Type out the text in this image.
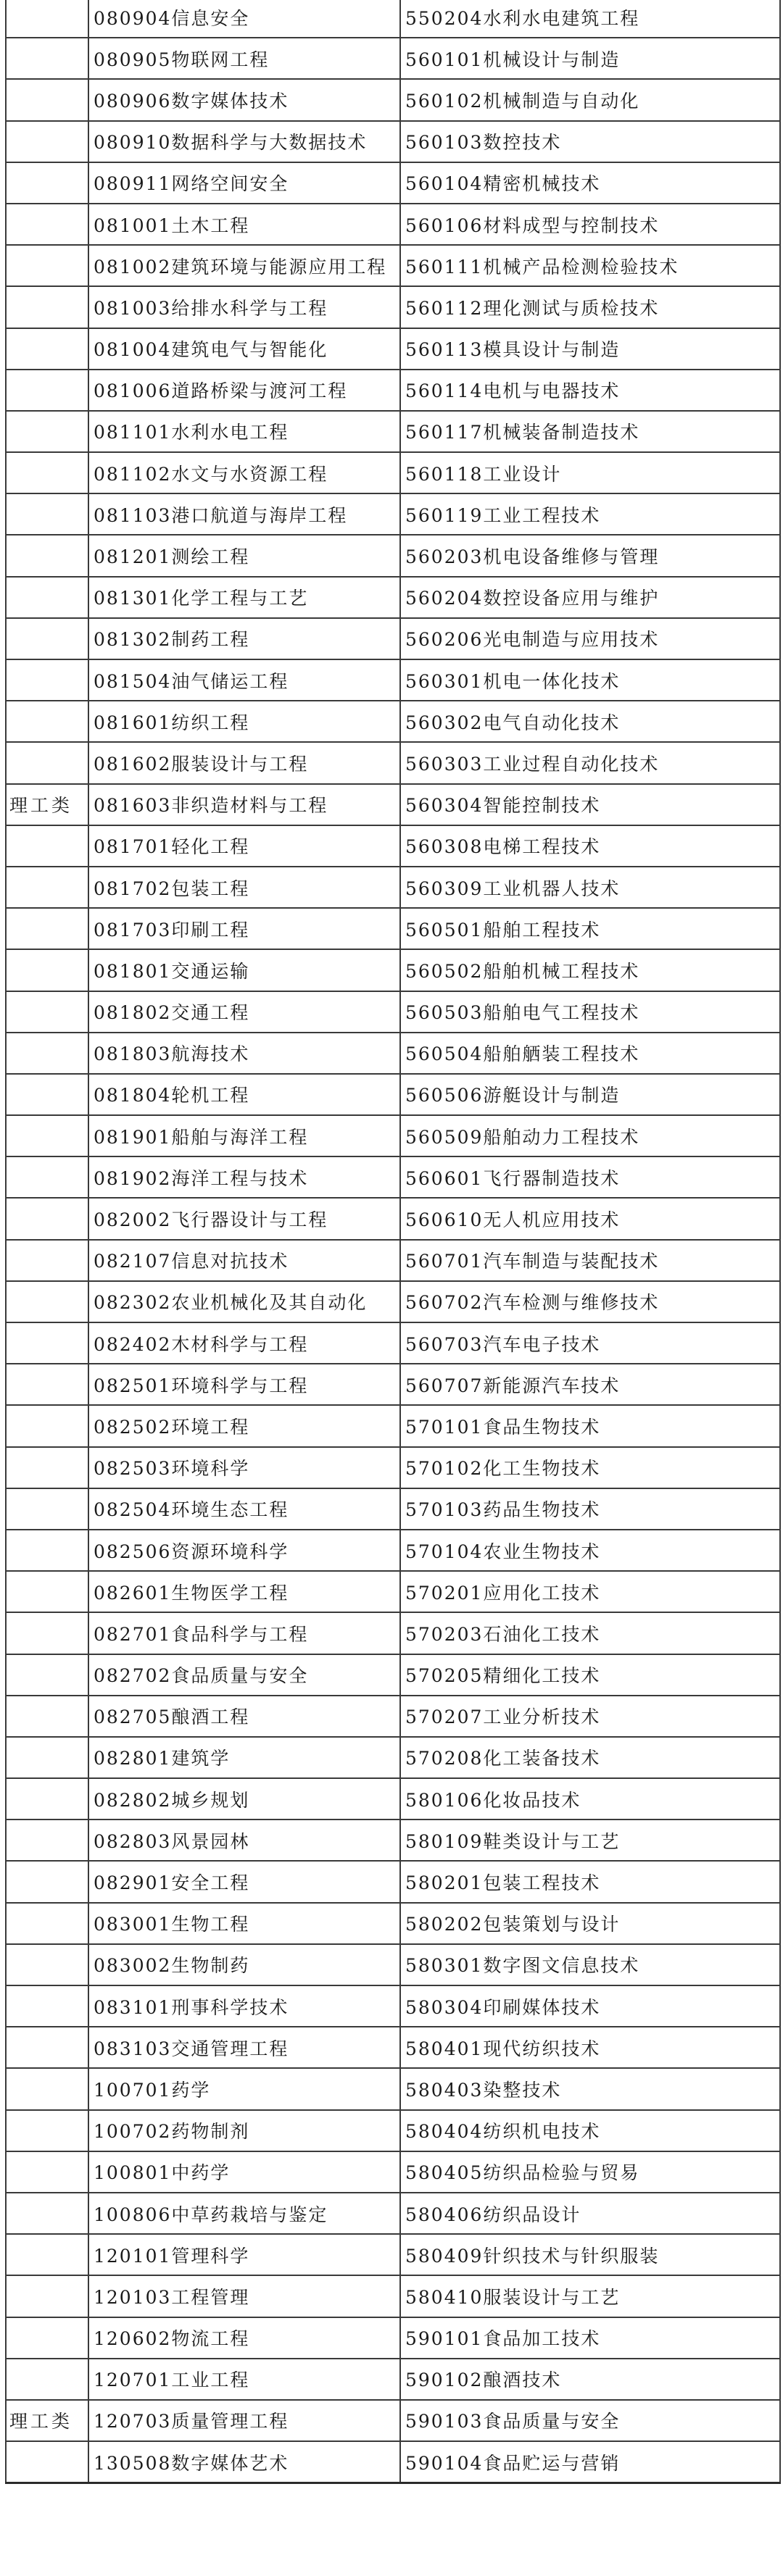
	080904信息安全	550204水利水电建筑工程
	080905物联网工程	560101机械设计与制造
	080906数字媒体技术	560102机械制造与自动化
	080910数据科学与大数据技术	560103数控技术
	080911网络空间安全	560104精密机械技术
	081001土木工程	560106材料成型与控制技术
	081002建筑环境与能源应用工程	560111机械产品检测检验技术
	081003给排水科学与工程	560112理化测试与质检技术
	081004建筑电气与智能化	560113模具设计与制造
	081006道路桥梁与渡河工程	560114电机与电器技术
	081101水利水电工程	560117机械装备制造技术
	081102水文与水资源工程	560118工业设计
	081103港口航道与海岸工程	560119工业工程技术
	081201测绘工程	560203机电设备维修与管理
	081301化学工程与工艺	560204数控设备应用与维护
	081302制药工程	560206光电制造与应用技术
	081504油气储运工程	560301机电一体化技术
	081601纺织工程	560302电气自动化技术
	081602服装设计与工程	560303工业过程自动化技术
理工类	081603非织造材料与工程	560304智能控制技术
	081701轻化工程	560308电梯工程技术
	081702包装工程	560309工业机器人技术
	081703印刷工程	560501船舶工程技术
	081801交通运输	560502船舶机械工程技术
	081802交通工程	560503船舶电气工程技术
	081803航海技术	560504船舶舾装工程技术
	081804轮机工程	560506游艇设计与制造
	081901船舶与海洋工程	560509船舶动力工程技术
	081902海洋工程与技术	560601飞行器制造技术
	082002飞行器设计与工程	560610无人机应用技术
	082107信息对抗技术	560701汽车制造与装配技术
	082302农业机械化及其自动化	560702汽车检测与维修技术
	082402木材科学与工程	560703汽车电子技术
	082501环境科学与工程	560707新能源汽车技术
	082502环境工程	570101食品生物技术
	082503环境科学	570102化工生物技术
	082504环境生态工程	570103药品生物技术
	082506资源环境科学	570104农业生物技术
	082601生物医学工程	570201应用化工技术
	082701食品科学与工程	570203石油化工技术
	082702食品质量与安全	570205精细化工技术
	082705酿酒工程	570207工业分析技术
	082801建筑学	570208化工装备技术
	082802城乡规划	580106化妆品技术
	082803风景园林	580109鞋类设计与工艺
	082901安全工程	580201包装工程技术
	083001生物工程	580202包装策划与设计
	083002生物制药	580301数字图文信息技术
	083101刑事科学技术	580304印刷媒体技术
	083103交通管理工程	580401现代纺织技术
	100701药学	580403染整技术
	100702药物制剂	580404纺织机电技术
	100801中药学	580405纺织品检验与贸易
	100806中草药栽培与鉴定	580406纺织品设计
	120101管理科学	580409针织技术与针织服装
	120103工程管理	580410服装设计与工艺
	120602物流工程	590101食品加工技术
	120701工业工程	590102酿酒技术
理工类	120703质量管理工程	590103食品质量与安全
	130508数字媒体艺术	590104食品贮运与营销
